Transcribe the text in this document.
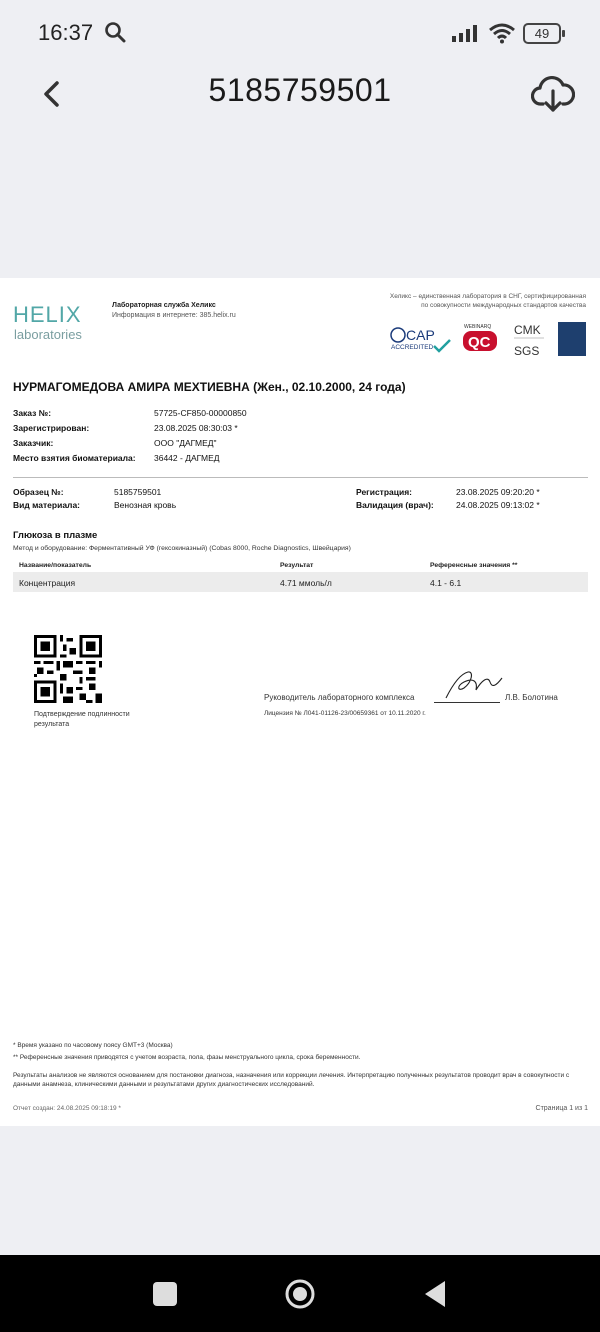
16:37	49
5185759501
HELIX
laboratories
Лабораторная служба Хеликс
Информация в интернете: 385.helix.ru
Хеликс – единственная лаборатория в СНГ, сертифицированная по совокупности международных стандартов качества
CAP
ACCREDITED
WEBINARQ
QC
CMK
SGS
НУРМАГОМЕДОВА АМИРА МЕХТИЕВНА (Жен., 02.10.2000, 24 года)
Заказ №:	57725-CF850-00000850
Зарегистрирован:	23.08.2025 08:30:03 *
Заказчик:	ООО "ДАГМЕД"
Место взятия биоматериала:	36442 - ДАГМЕД
Образец №:	5185759501
Вид материала:	Венозная кровь
Регистрация:	23.08.2025 09:20:20 *
Валидация (врач):	24.08.2025 09:13:02 *
Глюкоза в плазме
Метод и оборудование: Ферментативный УФ (гексокиназный) (Cobas 8000, Roche Diagnostics, Швейцария)
Название/показатель	Результат	Референсные значения **
Концентрация	4.71 ммоль/л	4.1 - 6.1
Подтверждение подлинности результата
Руководитель лабораторного комплекса	Л.В. Болотина
Лицензия № Л041-01126-23/00659361 от 10.11.2020 г.
* Время указано по часовому поясу GMT+3 (Москва)
** Референсные значения приводятся с учетом возраста, пола, фазы менструального цикла, срока беременности.
Результаты анализов не являются основанием для постановки диагноза, назначения или коррекции лечения. Интерпретацию полученных результатов проводит врач в совокупности с данными анамнеза, клиническими данными и результатами других диагностических исследований.
Отчет создан: 24.08.2025 09:18:19 *	Страница 1 из 1
